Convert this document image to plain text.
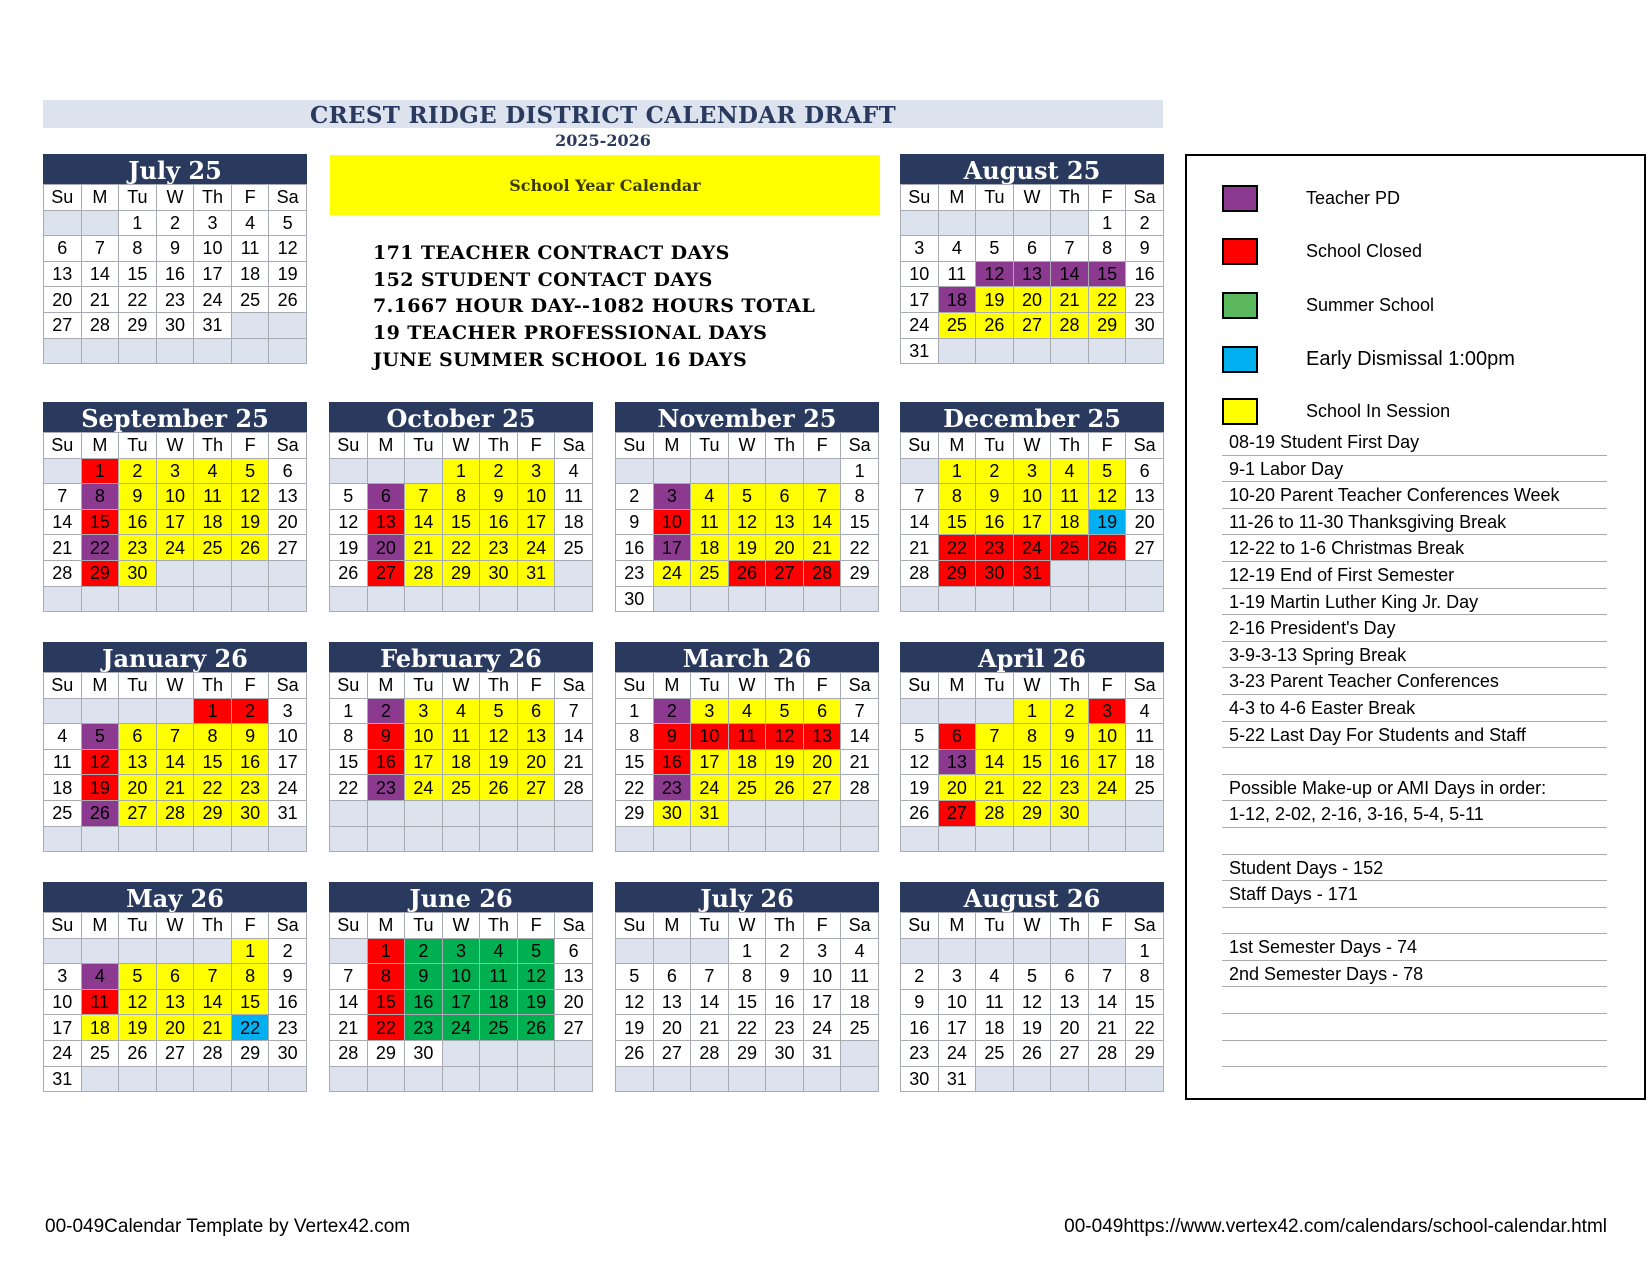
CREST RIDGE DISTRICT CALENDAR DRAFT
2025-2026
School Year Calendar
171 TEACHER CONTRACT DAYS
152 STUDENT CONTACT DAYS
7.1667 HOUR DAY--1082 HOURS TOTAL
19 TEACHER PROFESSIONAL DAYS
JUNE SUMMER SCHOOL 16 DAYS
July 25
Su	M	Tu	W	Th	F	Sa
		1	2	3	4	5
6	7	8	9	10	11	12
13	14	15	16	17	18	19
20	21	22	23	24	25	26
27	28	29	30	31		

August 25
Su	M	Tu	W	Th	F	Sa
					1	2
3	4	5	6	7	8	9
10	11	12	13	14	15	16
17	18	19	20	21	22	23
24	25	26	27	28	29	30
31						
September 25
Su	M	Tu	W	Th	F	Sa
	1	2	3	4	5	6
7	8	9	10	11	12	13
14	15	16	17	18	19	20
21	22	23	24	25	26	27
28	29	30				

October 25
Su	M	Tu	W	Th	F	Sa
			1	2	3	4
5	6	7	8	9	10	11
12	13	14	15	16	17	18
19	20	21	22	23	24	25
26	27	28	29	30	31	

November 25
Su	M	Tu	W	Th	F	Sa
						1
2	3	4	5	6	7	8
9	10	11	12	13	14	15
16	17	18	19	20	21	22
23	24	25	26	27	28	29
30						
December 25
Su	M	Tu	W	Th	F	Sa
	1	2	3	4	5	6
7	8	9	10	11	12	13
14	15	16	17	18	19	20
21	22	23	24	25	26	27
28	29	30	31			

January 26
Su	M	Tu	W	Th	F	Sa
				1	2	3
4	5	6	7	8	9	10
11	12	13	14	15	16	17
18	19	20	21	22	23	24
25	26	27	28	29	30	31

February 26
Su	M	Tu	W	Th	F	Sa
1	2	3	4	5	6	7
8	9	10	11	12	13	14
15	16	17	18	19	20	21
22	23	24	25	26	27	28

March 26
Su	M	Tu	W	Th	F	Sa
1	2	3	4	5	6	7
8	9	10	11	12	13	14
15	16	17	18	19	20	21
22	23	24	25	26	27	28
29	30	31				

April 26
Su	M	Tu	W	Th	F	Sa
			1	2	3	4
5	6	7	8	9	10	11
12	13	14	15	16	17	18
19	20	21	22	23	24	25
26	27	28	29	30		

May 26
Su	M	Tu	W	Th	F	Sa
					1	2
3	4	5	6	7	8	9
10	11	12	13	14	15	16
17	18	19	20	21	22	23
24	25	26	27	28	29	30
31						
June 26
Su	M	Tu	W	Th	F	Sa
	1	2	3	4	5	6
7	8	9	10	11	12	13
14	15	16	17	18	19	20
21	22	23	24	25	26	27
28	29	30				

July 26
Su	M	Tu	W	Th	F	Sa
			1	2	3	4
5	6	7	8	9	10	11
12	13	14	15	16	17	18
19	20	21	22	23	24	25
26	27	28	29	30	31	

August 26
Su	M	Tu	W	Th	F	Sa
						1
2	3	4	5	6	7	8
9	10	11	12	13	14	15
16	17	18	19	20	21	22
23	24	25	26	27	28	29
30	31					
Teacher PD
School Closed
Summer School
Early Dismissal 1:00pm
School In Session
08-19 Student First Day
9-1 Labor Day
10-20 Parent Teacher Conferences Week
11-26 to 11-30 Thanksgiving Break
12-22 to 1-6 Christmas Break
12-19 End of First Semester
1-19 Martin Luther King Jr. Day
2-16 President's Day
3-9-3-13 Spring Break
3-23 Parent Teacher Conferences
4-3 to 4-6 Easter Break
5-22 Last Day For Students and Staff
Possible Make-up or AMI Days in order:
1-12, 2-02, 2-16, 3-16, 5-4, 5-11
Student Days - 152
Staff Days - 171
1st Semester Days - 74
2nd Semester Days - 78
00-049Calendar Template by Vertex42.com	00-049https://www.vertex42.com/calendars/school-calendar.html
